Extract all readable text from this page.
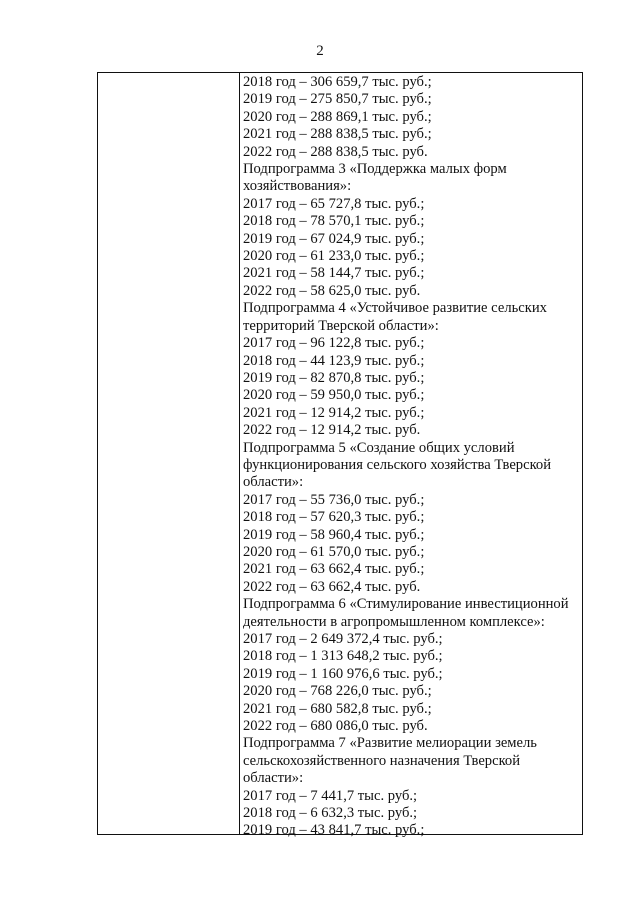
2
2018 год – 306 659,7 тыс. руб.;
2019 год – 275 850,7 тыс. руб.;
2020 год – 288 869,1 тыс. руб.;
2021 год – 288 838,5 тыс. руб.;
2022 год – 288 838,5 тыс. руб.
Подпрограмма 3 «Поддержка малых форм
хозяйствования»:
2017 год – 65 727,8 тыс. руб.;
2018 год – 78 570,1 тыс. руб.;
2019 год – 67 024,9 тыс. руб.;
2020 год – 61 233,0 тыс. руб.;
2021 год – 58 144,7 тыс. руб.;
2022 год – 58 625,0 тыс. руб.
Подпрограмма 4 «Устойчивое развитие сельских
территорий Тверской области»:
2017 год – 96 122,8 тыс. руб.;
2018 год – 44 123,9 тыс. руб.;
2019 год – 82 870,8 тыс. руб.;
2020 год – 59 950,0 тыс. руб.;
2021 год – 12 914,2 тыс. руб.;
2022 год – 12 914,2 тыс. руб.
Подпрограмма 5 «Создание общих условий
функционирования сельского хозяйства Тверской
области»:
2017 год – 55 736,0 тыс. руб.;
2018 год – 57 620,3 тыс. руб.;
2019 год – 58 960,4 тыс. руб.;
2020 год – 61 570,0 тыс. руб.;
2021 год – 63 662,4 тыс. руб.;
2022 год – 63 662,4 тыс. руб.
Подпрограмма 6 «Стимулирование инвестиционной
деятельности в агропромышленном комплексе»:
2017 год – 2 649 372,4 тыс. руб.;
2018 год – 1 313 648,2 тыс. руб.;
2019 год – 1 160 976,6 тыс. руб.;
2020 год – 768 226,0 тыс. руб.;
2021 год – 680 582,8 тыс. руб.;
2022 год – 680 086,0 тыс. руб.
Подпрограмма 7 «Развитие мелиорации земель
сельскохозяйственного назначения Тверской
области»:
2017 год – 7 441,7 тыс. руб.;
2018 год – 6 632,3 тыс. руб.;
2019 год – 43 841,7 тыс. руб.;
